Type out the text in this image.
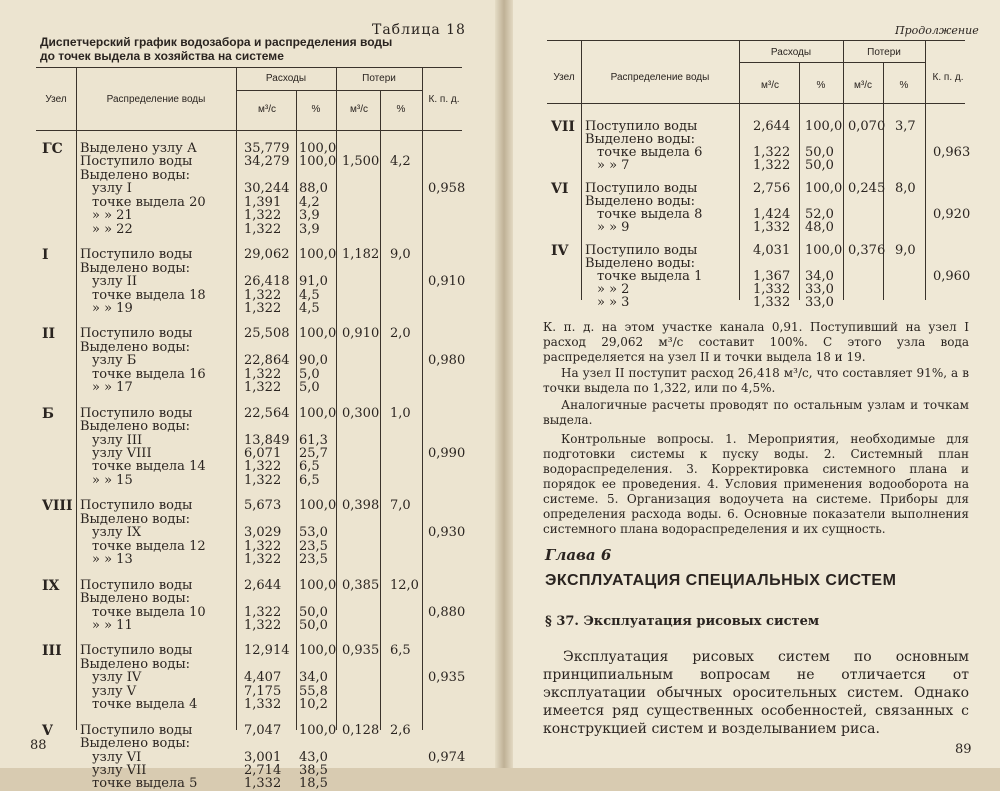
Таблица 18
Диспетчерский график водозабора и распределения воды
до точек выдела в хозяйства на системе
Узел	Распределение воды
Расходы	Потери
К. п. д.
м³/с	%	м³/с	%
ГС Выделено узлу А	35,779 100,0
Поступило воды	34,279 100,0 1,500 4,2
Выделено воды:
узлу I	30,244 88,0	0,958
точке выдела 20	1,391 4,2
» » 21	1,322 3,9
» » 22	1,322 3,9
I Поступило воды	29,062 100,0 1,182 9,0
Выделено воды:
узлу II	26,418 91,0	0,910
точке выдела 18	1,322 4,5
» » 19	1,322 4,5
II Поступило воды	25,508 100,0 0,910 2,0
Выделено воды:
узлу Б	22,864 90,0	0,980
точке выдела 16	1,322 5,0
» » 17	1,322 5,0
Б Поступило воды	22,564 100,0 0,300 1,0
Выделено воды:
узлу III	13,849 61,3
узлу VIII	6,071 25,7	0,990
точке выдела 14	1,322 6,5
» » 15	1,322 6,5
VIII Поступило воды	5,673 100,0 0,398 7,0
Выделено воды:
узлу IX	3,029 53,0	0,930
точке выдела 12	1,322 23,5
» » 13	1,322 23,5
IX Поступило воды	2,644 100,0 0,385 12,0
Выделено воды:
точке выдела 10	1,322 50,0	0,880
» » 11	1,322 50,0
III Поступило воды	12,914 100,0 0,935 6,5
Выделено воды:
узлу IV	4,407 34,0	0,935
узлу V	7,175 55,8
точке выдела 4	1,332 10,2
V Поступило воды	7,047 100,0 0,128 2,6
Выделено воды:
узлу VI	3,001 43,0	0,974
узлу VII	2,714 38,5
точке выдела 5	1,332 18,5
88
Продолжение
Узел	Распределение воды
Расходы	Потери
К. п. д.
м³/с	%	м³/с	%
VII Поступило воды	2,644 100,0 0,070 3,7
Выделено воды:
точке выдела 6	1,322 50,0	0,963
» » 7	1,322 50,0
VI Поступило воды	2,756 100,0 0,245 8,0
Выделено воды:
точке выдела 8	1,424 52,0	0,920
» » 9	1,332 48,0
IV Поступило воды	4,031 100,0 0,376 9,0
Выделено воды:
точке выдела 1	1,367 34,0	0,960
» » 2	1,332 33,0
» » 3	1,332 33,0
К. п. д. на этом участке канала 0,91. Поступивший на узел I расход 29,062 м³/с составит 100%. С этого узла вода распределяется на узел II и точки выдела 18 и 19.
На узел II поступит расход 26,418 м³/с, что составляет 91%, а в точки выдела по 1,322, или по 4,5%.
Аналогичные расчеты проводят по остальным узлам и точкам выдела.
Контрольные вопросы. 1. Мероприятия, необходимые для подготовки системы к пуску воды. 2. Системный план водораспределения. 3. Корректировка системного плана и порядок ее проведения. 4. Условия применения водооборота на системе. 5. Организация водоучета на системе. Приборы для определения расхода воды. 6. Основные показатели выполнения системного плана водораспределения и их сущность.
Глава 6
ЭКСПЛУАТАЦИЯ СПЕЦИАЛЬНЫХ СИСТЕМ
§ 37. Эксплуатация рисовых систем
Эксплуатация рисовых систем по основным принципиальным вопросам не отличается от эксплуатации обычных оросительных систем. Однако имеется ряд существенных особенностей, связанных с конструкцией систем и возделыванием риса.
89
